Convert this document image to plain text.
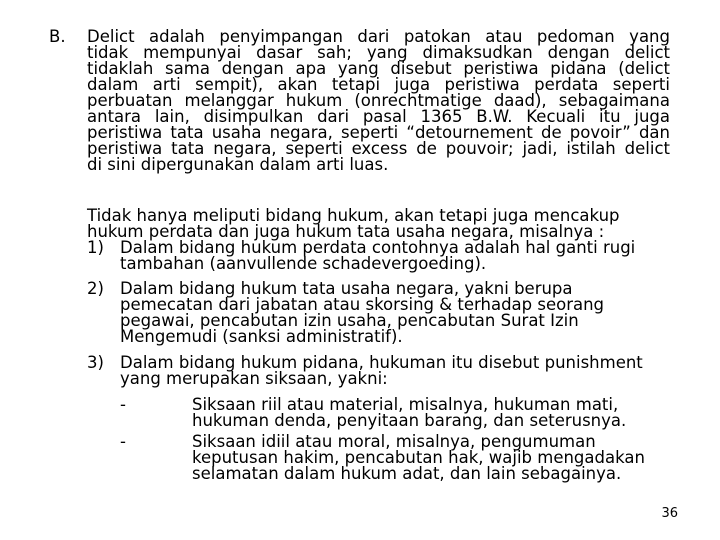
B. Delict adalah penyimpangan dari patokan atau pedoman yang
tidak mempunyai dasar sah; yang dimaksudkan dengan delict
tidaklah sama dengan apa yang disebut peristiwa pidana (delict
dalam arti sempit), akan tetapi juga peristiwa perdata seperti
perbuatan melanggar hukum (onrechtmatige daad), sebagaimana
antara lain, disimpulkan dari pasal 1365 B.W. Kecuali itu juga
peristiwa tata usaha negara, seperti “detournement de povoir” dan
peristiwa tata negara, seperti excess de pouvoir; jadi, istilah delict
di sini dipergunakan dalam arti luas.
Tidak hanya meliputi bidang hukum, akan tetapi juga mencakup
hukum perdata dan juga hukum tata usaha negara, misalnya :
1) Dalam bidang hukum perdata contohnya adalah hal ganti rugi
tambahan (aanvullende schadevergoeding).
2) Dalam bidang hukum tata usaha negara, yakni berupa
pemecatan dari jabatan atau skorsing & terhadap seorang
pegawai, pencabutan izin usaha, pencabutan Surat Izin
Mengemudi (sanksi administratif).
3) Dalam bidang hukum pidana, hukuman itu disebut punishment
yang merupakan siksaan, yakni:
-	Siksaan riil atau material, misalnya, hukuman mati,
hukuman denda, penyitaan barang, dan seterusnya.
-	Siksaan idiil atau moral, misalnya, pengumuman
keputusan hakim, pencabutan hak, wajib mengadakan
selamatan dalam hukum adat, dan lain sebagainya.
36
